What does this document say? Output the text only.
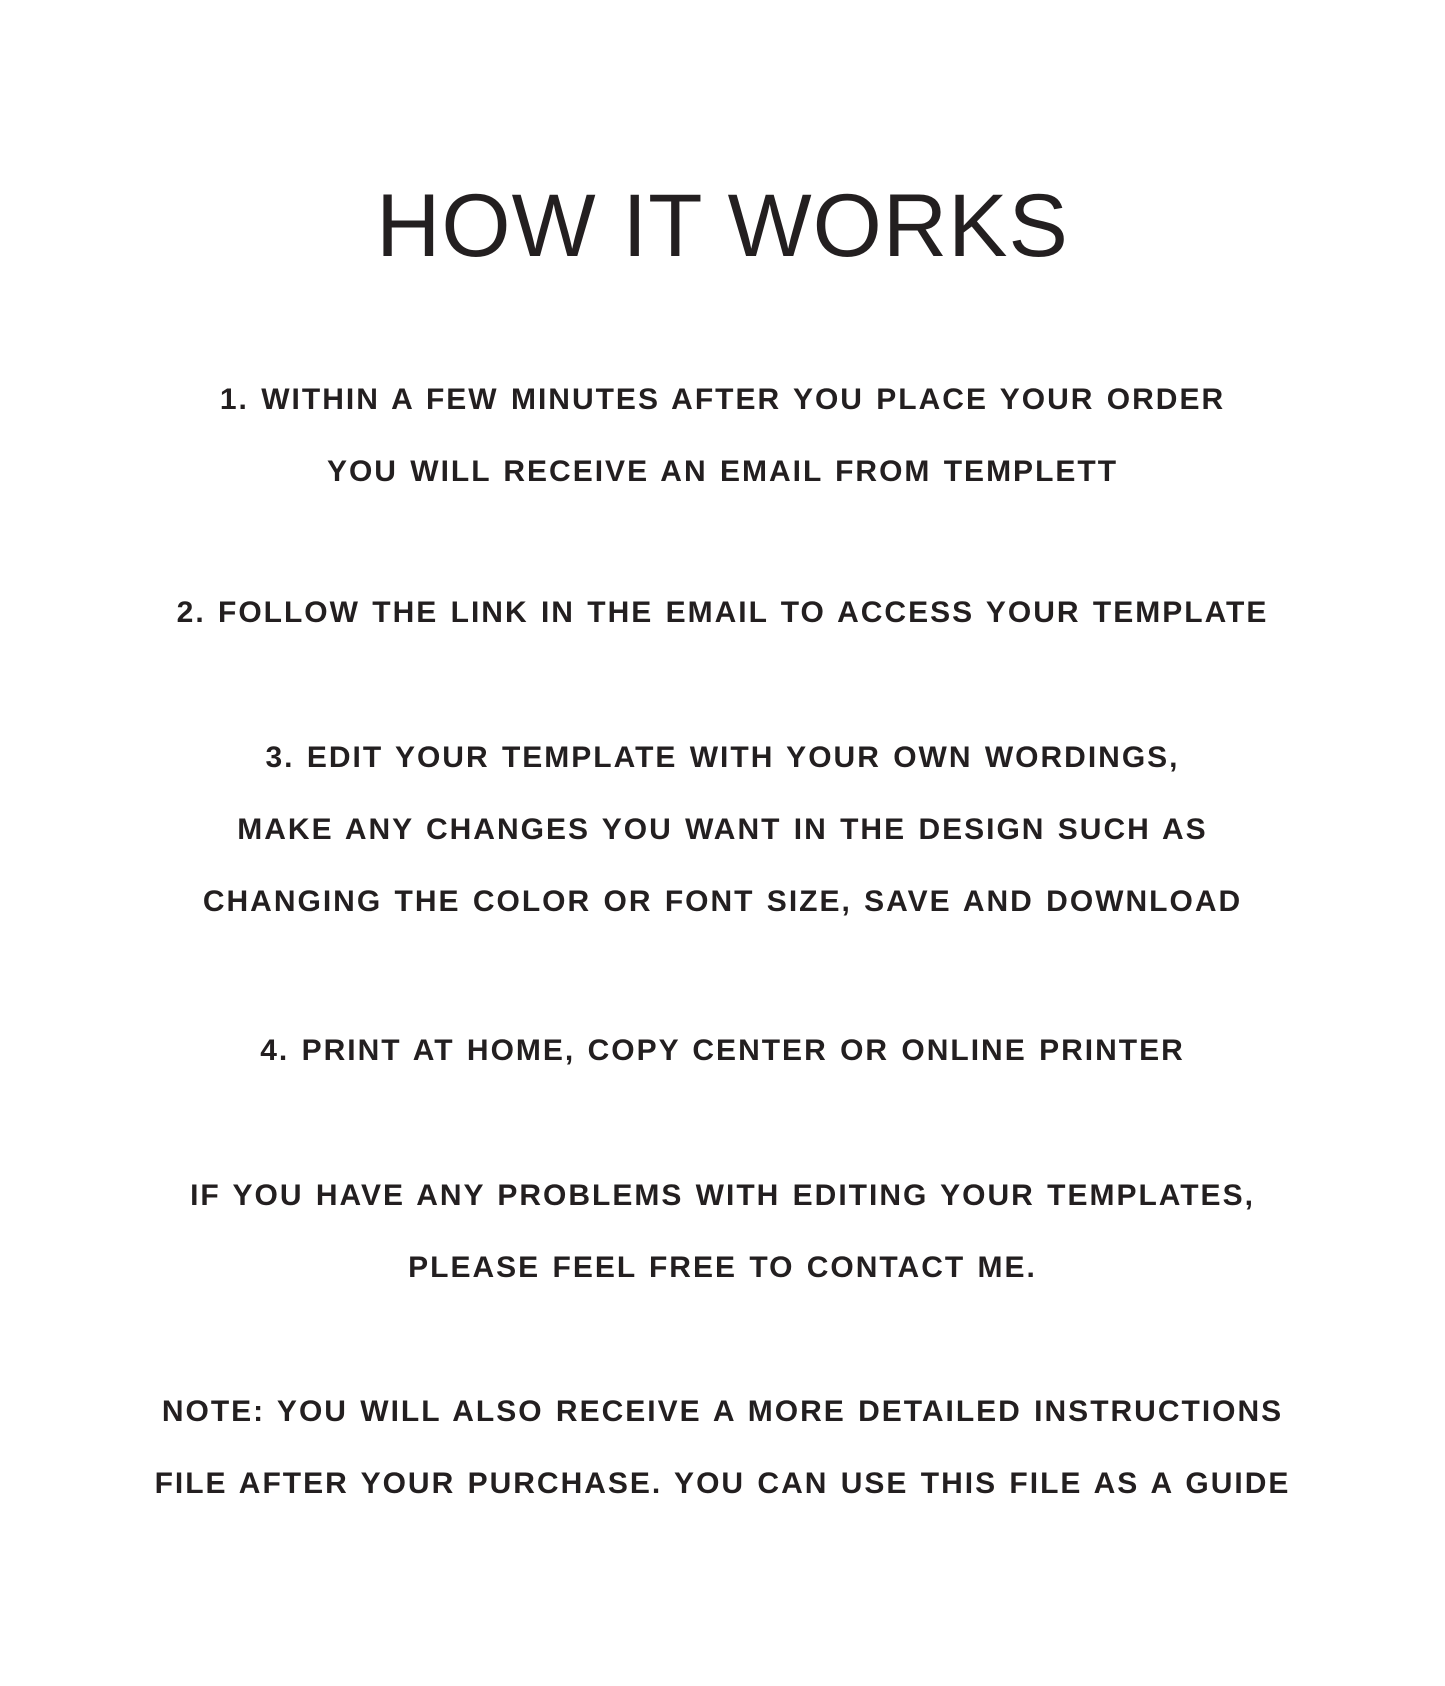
HOW IT WORKS
1. WITHIN A FEW MINUTES AFTER YOU PLACE YOUR ORDER
YOU WILL RECEIVE AN EMAIL FROM TEMPLETT
2. FOLLOW THE LINK IN THE EMAIL TO ACCESS YOUR TEMPLATE
3. EDIT YOUR TEMPLATE WITH YOUR OWN WORDINGS,
MAKE ANY CHANGES YOU WANT IN THE DESIGN SUCH AS
CHANGING THE COLOR OR FONT SIZE, SAVE AND DOWNLOAD
4. PRINT AT HOME, COPY CENTER OR ONLINE PRINTER
IF YOU HAVE ANY PROBLEMS WITH EDITING YOUR TEMPLATES,
PLEASE FEEL FREE TO CONTACT ME.
NOTE: YOU WILL ALSO RECEIVE A MORE DETAILED INSTRUCTIONS
FILE AFTER YOUR PURCHASE. YOU CAN USE THIS FILE AS A GUIDE
